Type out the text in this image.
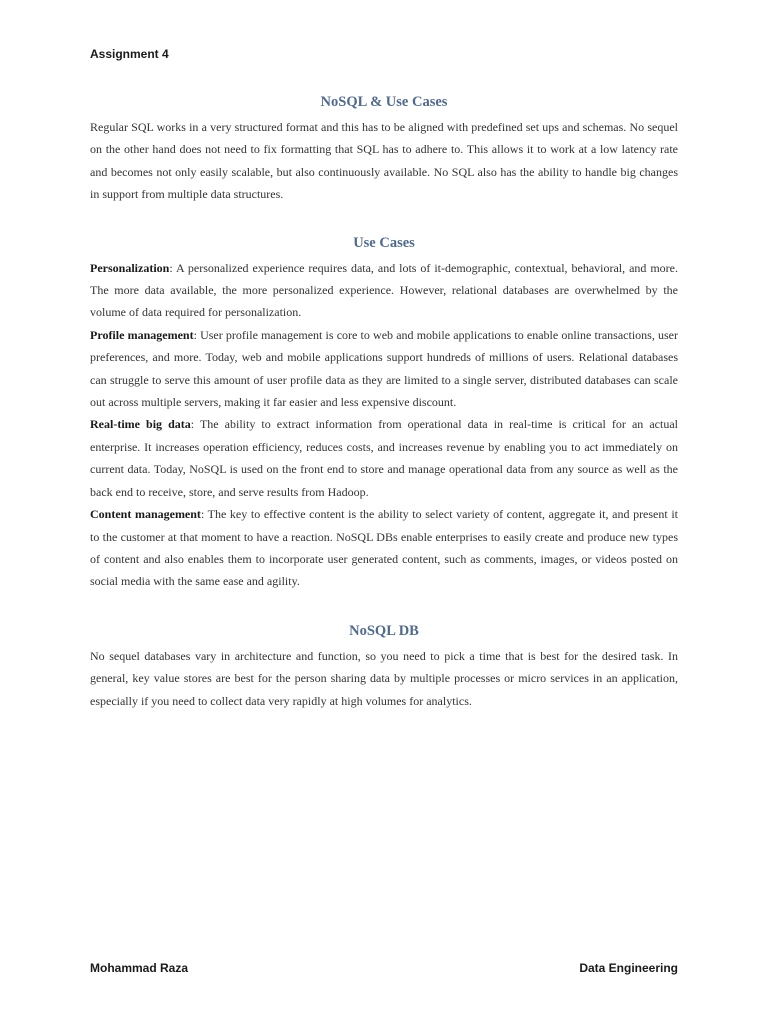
Assignment 4
NoSQL & Use Cases

Regular SQL works in a very structured format and this has to be aligned with predefined set ups and schemas. No sequel on the other hand does not need to fix formatting that SQL has to adhere to. This allows it to work at a low latency rate and becomes not only easily scalable, but also continuously available. No SQL also has the ability to handle big changes in support from multiple data structures.

Use Cases

Personalization: A personalized experience requires data, and lots of it-demographic, contextual, behavioral, and more. The more data available, the more personalized experience. However, relational databases are overwhelmed by the volume of data required for personalization.

Profile management: User profile management is core to web and mobile applications to enable online transactions, user preferences, and more. Today, web and mobile applications support hundreds of millions of users. Relational databases can struggle to serve this amount of user profile data as they are limited to a single server, distributed databases can scale out across multiple servers, making it far easier and less expensive discount.

Real-time big data: The ability to extract information from operational data in real-time is critical for an actual enterprise. It increases operation efficiency, reduces costs, and increases revenue by enabling you to act immediately on current data. Today, NoSQL is used on the front end to store and manage operational data from any source as well as the back end to receive, store, and serve results from Hadoop.

Content management: The key to effective content is the ability to select variety of content, aggregate it, and present it to the customer at that moment to have a reaction. NoSQL DBs enable enterprises to easily create and produce new types of content and also enables them to incorporate user generated content, such as comments, images, or videos posted on social media with the same ease and agility.

NoSQL DB

No sequel databases vary in architecture and function, so you need to pick a time that is best for the desired task. In general, key value stores are best for the person sharing data by multiple processes or micro services in an application, especially if you need to collect data very rapidly at high volumes for analytics.

Mohammad Raza	Data Engineering
